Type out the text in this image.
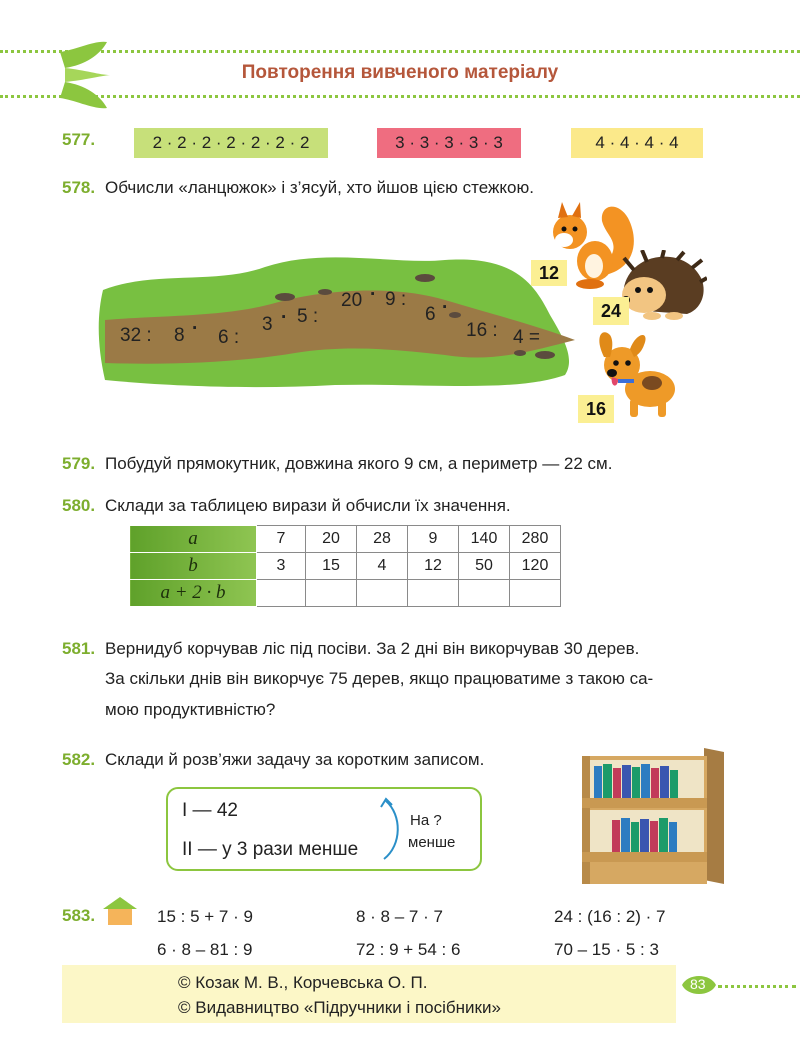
Повторення вивченого матеріалу
577.	2 · 2 · 2 · 2 · 2 · 2 · 2	3 · 3 · 3 · 3 · 3	4 · 4 · 4 · 4
578. Обчисли «ланцюжок» і з’ясуй, хто йшов цією стежкою.
32 : 8 · 6 :
3 · 5 :
20 · 9 :
6 ·
16 : 4 =
12
24
16
579. Побудуй прямокутник, довжина якого 9 см, а периметр — 22 см.
580. Склади за таблицею вирази й обчисли їх значення.
a	7	20	28	9	140	280
b	3	15	4	12	50	120
a + 2 · b						
581. Вернидуб корчував ліс під посіви. За 2 дні він викорчував 30 дерев.
За скільки днів він викорчує 75 дерев, якщо працюватиме з такою са-
мою продуктивністю?
582. Склади й розв’яжи задачу за коротким записом.
I — 42
II — у 3 рази менше
На ?
менше
583.	15 : 5 + 7 · 9	8 · 8 – 7 · 7	24 : (16 : 2) · 7
6 · 8 – 81 : 9	72 : 9 + 54 : 6	70 – 15 · 5 : 3
© Козак М. В., Корчевська О. П.
© Видавництво «Підручники і посібники»
83
